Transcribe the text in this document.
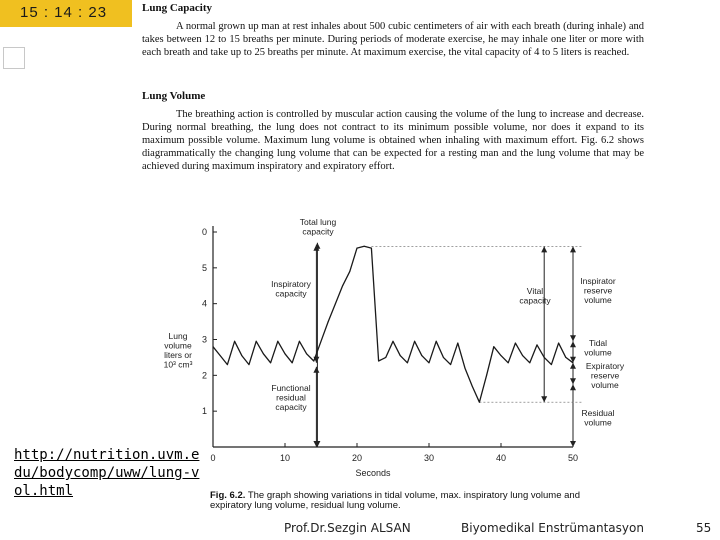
15 : 14 : 23	Lung Capacity
A normal grown up man at rest inhales about 500 cubic centimeters of air with each breath (during inhale) and takes between 12 to 15 breaths per minute. During periods of moderate exercise, he may inhale one liter or more with each breath and take up to 25 breaths per minute. At maximum exercise, the vital capacity of 4 to 5 liters is reached.
Lung Volume
The breathing action is controlled by muscular action causing the volume of the lung to increase and decrease. During normal breathing, the lung does not contract to its minimum possible volume, nor does it expand to its maximum possible volume. Maximum lung volume is obtained when inhaling with maximum effort. Fig. 6.2 shows diagrammatically the changing lung volume that can be expected for a resting man and the lung volume that may be achieved during maximum inspiratory and expiratory effort.
0	10	20	30	40	50
0
5
4
3
2
1
Seconds
Lung
volume
liters or
10³ cm³
Total lung
capacity
Inspiratory
capacity
Functional
residual
capacity
Vital
capacity
Inspirator
reserve
volume
Tidal
volume
Expiratory
reserve
volume
Residual
volume
http://nutrition.uvm.edu/bodycomp/uww/lung-vol.html	Fig. 6.2. The graph showing variations in tidal volume, max. inspiratory lung volume and expiratory lung volume, residual lung volume.
Prof.Dr.Sezgin ALSAN	Biyomedikal Enstrümantasyon	55
